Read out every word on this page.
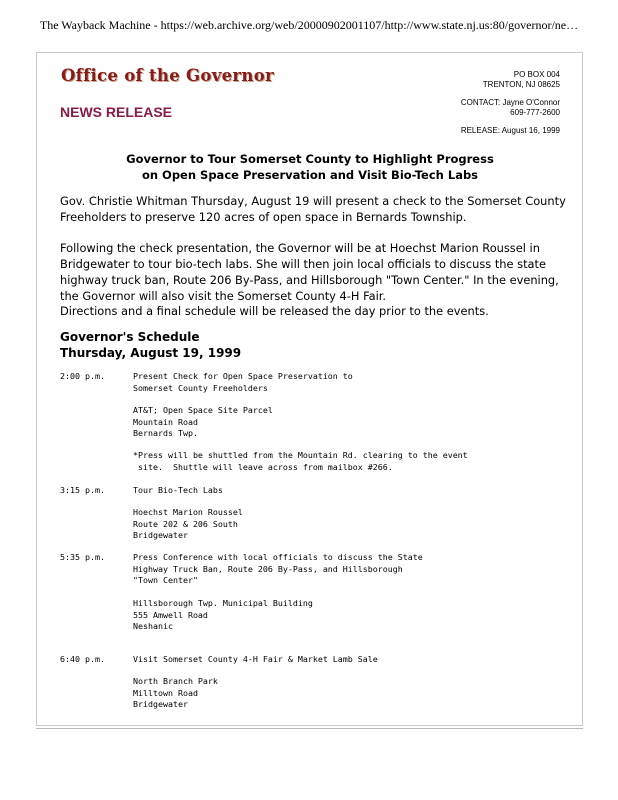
The Wayback Machine - https://web.archive.org/web/20000902001107/http://www.state.nj.us:80/governor/ne…
Office of the Governor
NEWS RELEASE
PO BOX 004
TRENTON, NJ 08625
CONTACT: Jayne O'Connor
609-777-2600
RELEASE: August 16, 1999
Governor to Tour Somerset County to Highlight Progress
on Open Space Preservation and Visit Bio-Tech Labs
Gov. Christie Whitman Thursday, August 19 will present a check to the Somerset County Freeholders to preserve 120 acres of open space in Bernards Township.
Following the check presentation, the Governor will be at Hoechst Marion Roussel in Bridgewater to tour bio-tech labs. She will then join local officials to discuss the state highway truck ban, Route 206 By-Pass, and Hillsborough "Town Center." In the evening, the Governor will also visit the Somerset County 4-H Fair.
Directions and a final schedule will be released the day prior to the events.
Governor's Schedule
Thursday, August 19, 1999
2:00 p.m.	Present Check for Open Space Preservation to
Somerset County Freeholders
AT&T; Open Space Site Parcel
Mountain Road
Bernards Twp.
*Press will be shuttled from the Mountain Rd. clearing to the event
site.  Shuttle will leave across from mailbox #266.
3:15 p.m.	Tour Bio-Tech Labs
Hoechst Marion Roussel
Route 202 & 206 South
Bridgewater
5:35 p.m.	Press Conference with local officials to discuss the State
Highway Truck Ban, Route 206 By-Pass, and Hillsborough
"Town Center"
Hillsborough Twp. Municipal Building
555 Amwell Road
Neshanic
6:40 p.m.	Visit Somerset County 4-H Fair & Market Lamb Sale
North Branch Park
Milltown Road
Bridgewater
